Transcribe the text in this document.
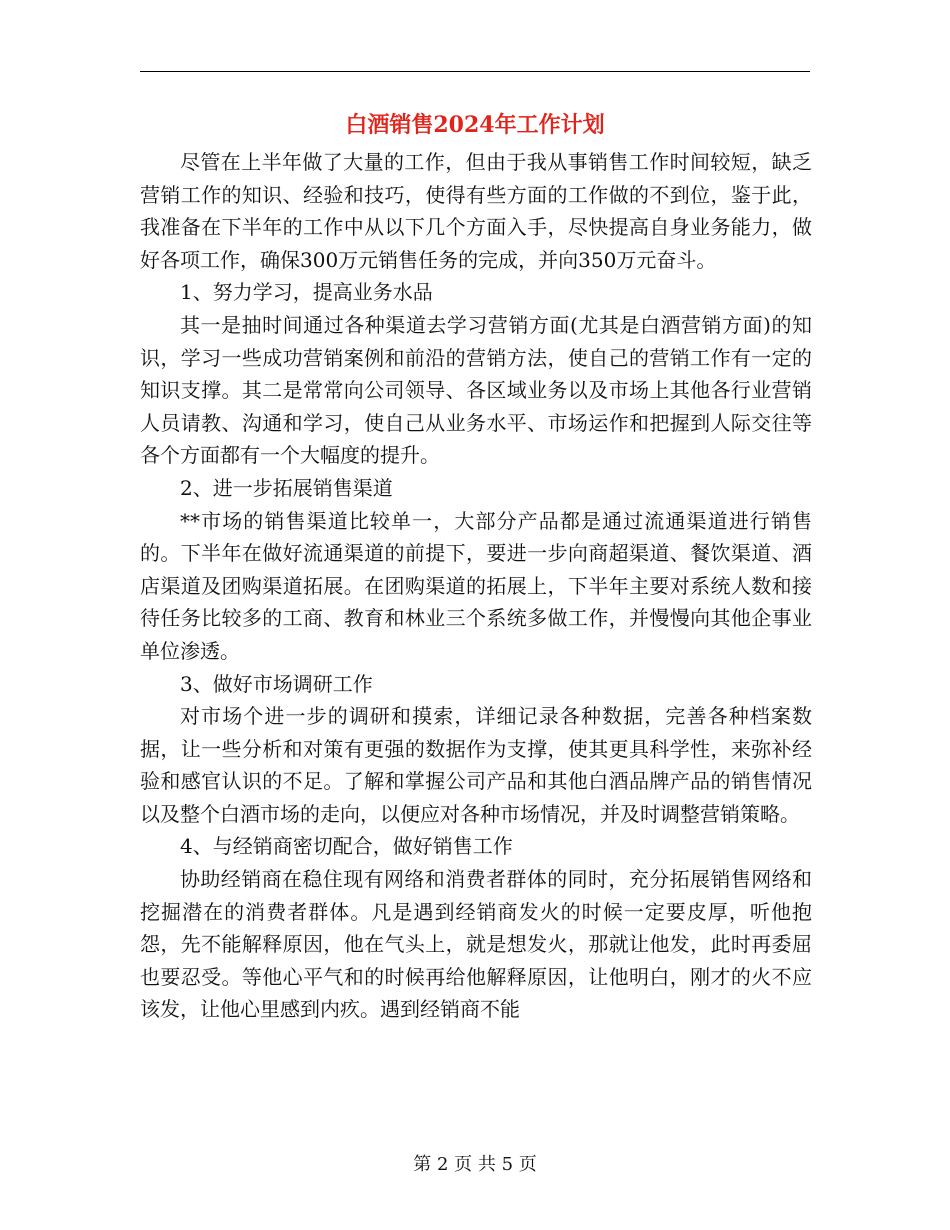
白酒销售2024年工作计划

尽管在上半年做了大量的工作，但由于我从事销售工作时间较短，缺乏营销工作的知识、经验和技巧，使得有些方面的工作做的不到位，鉴于此，我准备在下半年的工作中从以下几个方面入手，尽快提高自身业务能力，做好各项工作，确保300万元销售任务的完成，并向350万元奋斗。

1、努力学习，提高业务水品

其一是抽时间通过各种渠道去学习营销方面(尤其是白酒营销方面)的知识，学习一些成功营销案例和前沿的营销方法，使自己的营销工作有一定的知识支撑。其二是常常向公司领导、各区域业务以及市场上其他各行业营销人员请教、沟通和学习，使自己从业务水平、市场运作和把握到人际交往等各个方面都有一个大幅度的提升。

2、进一步拓展销售渠道

**市场的销售渠道比较单一，大部分产品都是通过流通渠道进行销售的。下半年在做好流通渠道的前提下，要进一步向商超渠道、餐饮渠道、酒店渠道及团购渠道拓展。在团购渠道的拓展上，下半年主要对系统人数和接待任务比较多的工商、教育和林业三个系统多做工作，并慢慢向其他企事业单位渗透。

3、做好市场调研工作

对市场个进一步的调研和摸索，详细记录各种数据，完善各种档案数据，让一些分析和对策有更强的数据作为支撑，使其更具科学性，来弥补经验和感官认识的不足。了解和掌握公司产品和其他白酒品牌产品的销售情况以及整个白酒市场的走向，以便应对各种市场情况，并及时调整营销策略。

4、与经销商密切配合，做好销售工作

协助经销商在稳住现有网络和消费者群体的同时，充分拓展销售网络和挖掘潜在的消费者群体。凡是遇到经销商发火的时候一定要皮厚，听他抱怨，先不能解释原因，他在气头上，就是想发火，那就让他发，此时再委屈也要忍受。等他心平气和的时候再给他解释原因，让他明白，刚才的火不应该发，让他心里感到内疚。遇到经销商不能

第 2 页 共 5 页
